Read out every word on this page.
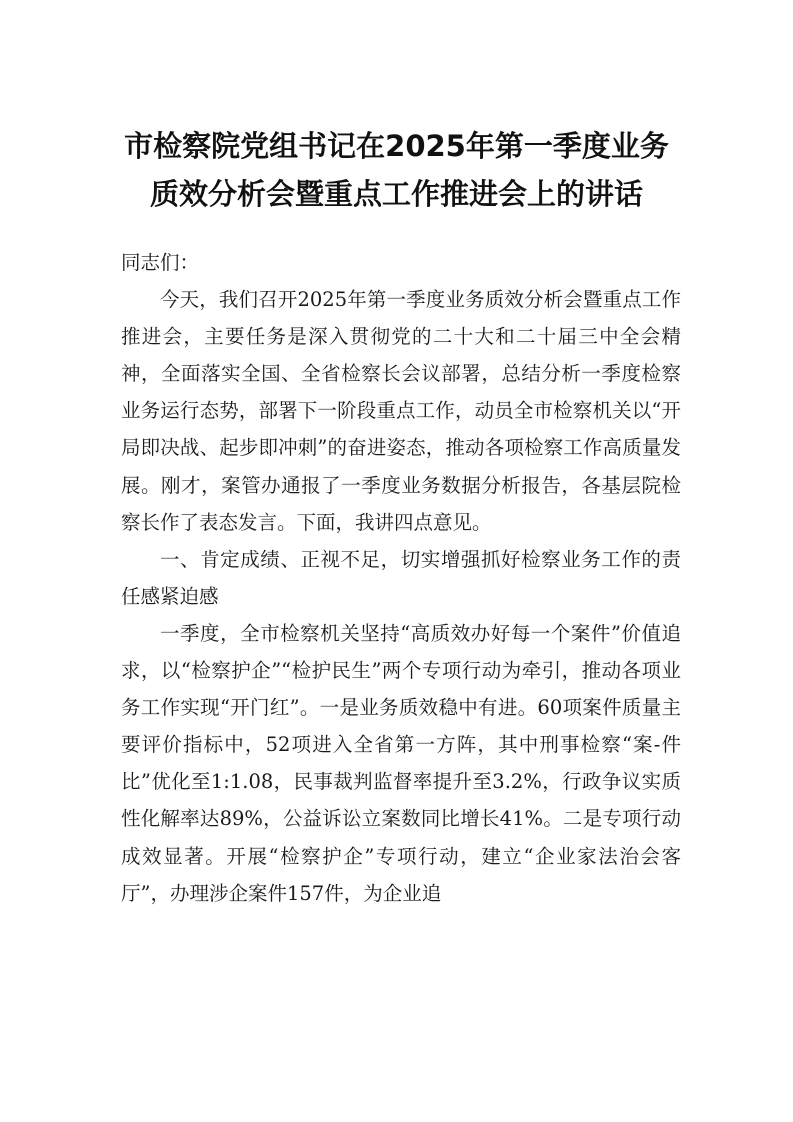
市检察院党组书记在2025年第一季度业务
质效分析会暨重点工作推进会上的讲话

同志们：

今天，我们召开2025年第一季度业务质效分析会暨重点工作推进会，主要任务是深入贯彻党的二十大和二十届三中全会精神，全面落实全国、全省检察长会议部署，总结分析一季度检察业务运行态势，部署下一阶段重点工作，动员全市检察机关以“开局即决战、起步即冲刺”的奋进姿态，推动各项检察工作高质量发展。刚才，案管办通报了一季度业务数据分析报告，各基层院检察长作了表态发言。下面，我讲四点意见。

一、肯定成绩、正视不足，切实增强抓好检察业务工作的责任感紧迫感

一季度，全市检察机关坚持“高质效办好每一个案件”价值追求，以“检察护企”“检护民生”两个专项行动为牵引，推动各项业务工作实现“开门红”。一是业务质效稳中有进。60项案件质量主要评价指标中，52项进入全省第一方阵，其中刑事检察“案-件比”优化至1:1.08，民事裁判监督率提升至3.2%，行政争议实质性化解率达89%，公益诉讼立案数同比增长41%。二是专项行动成效显著。开展“检察护企”专项行动，建立“企业家法治会客厅”，办理涉企案件157件，为企业追
